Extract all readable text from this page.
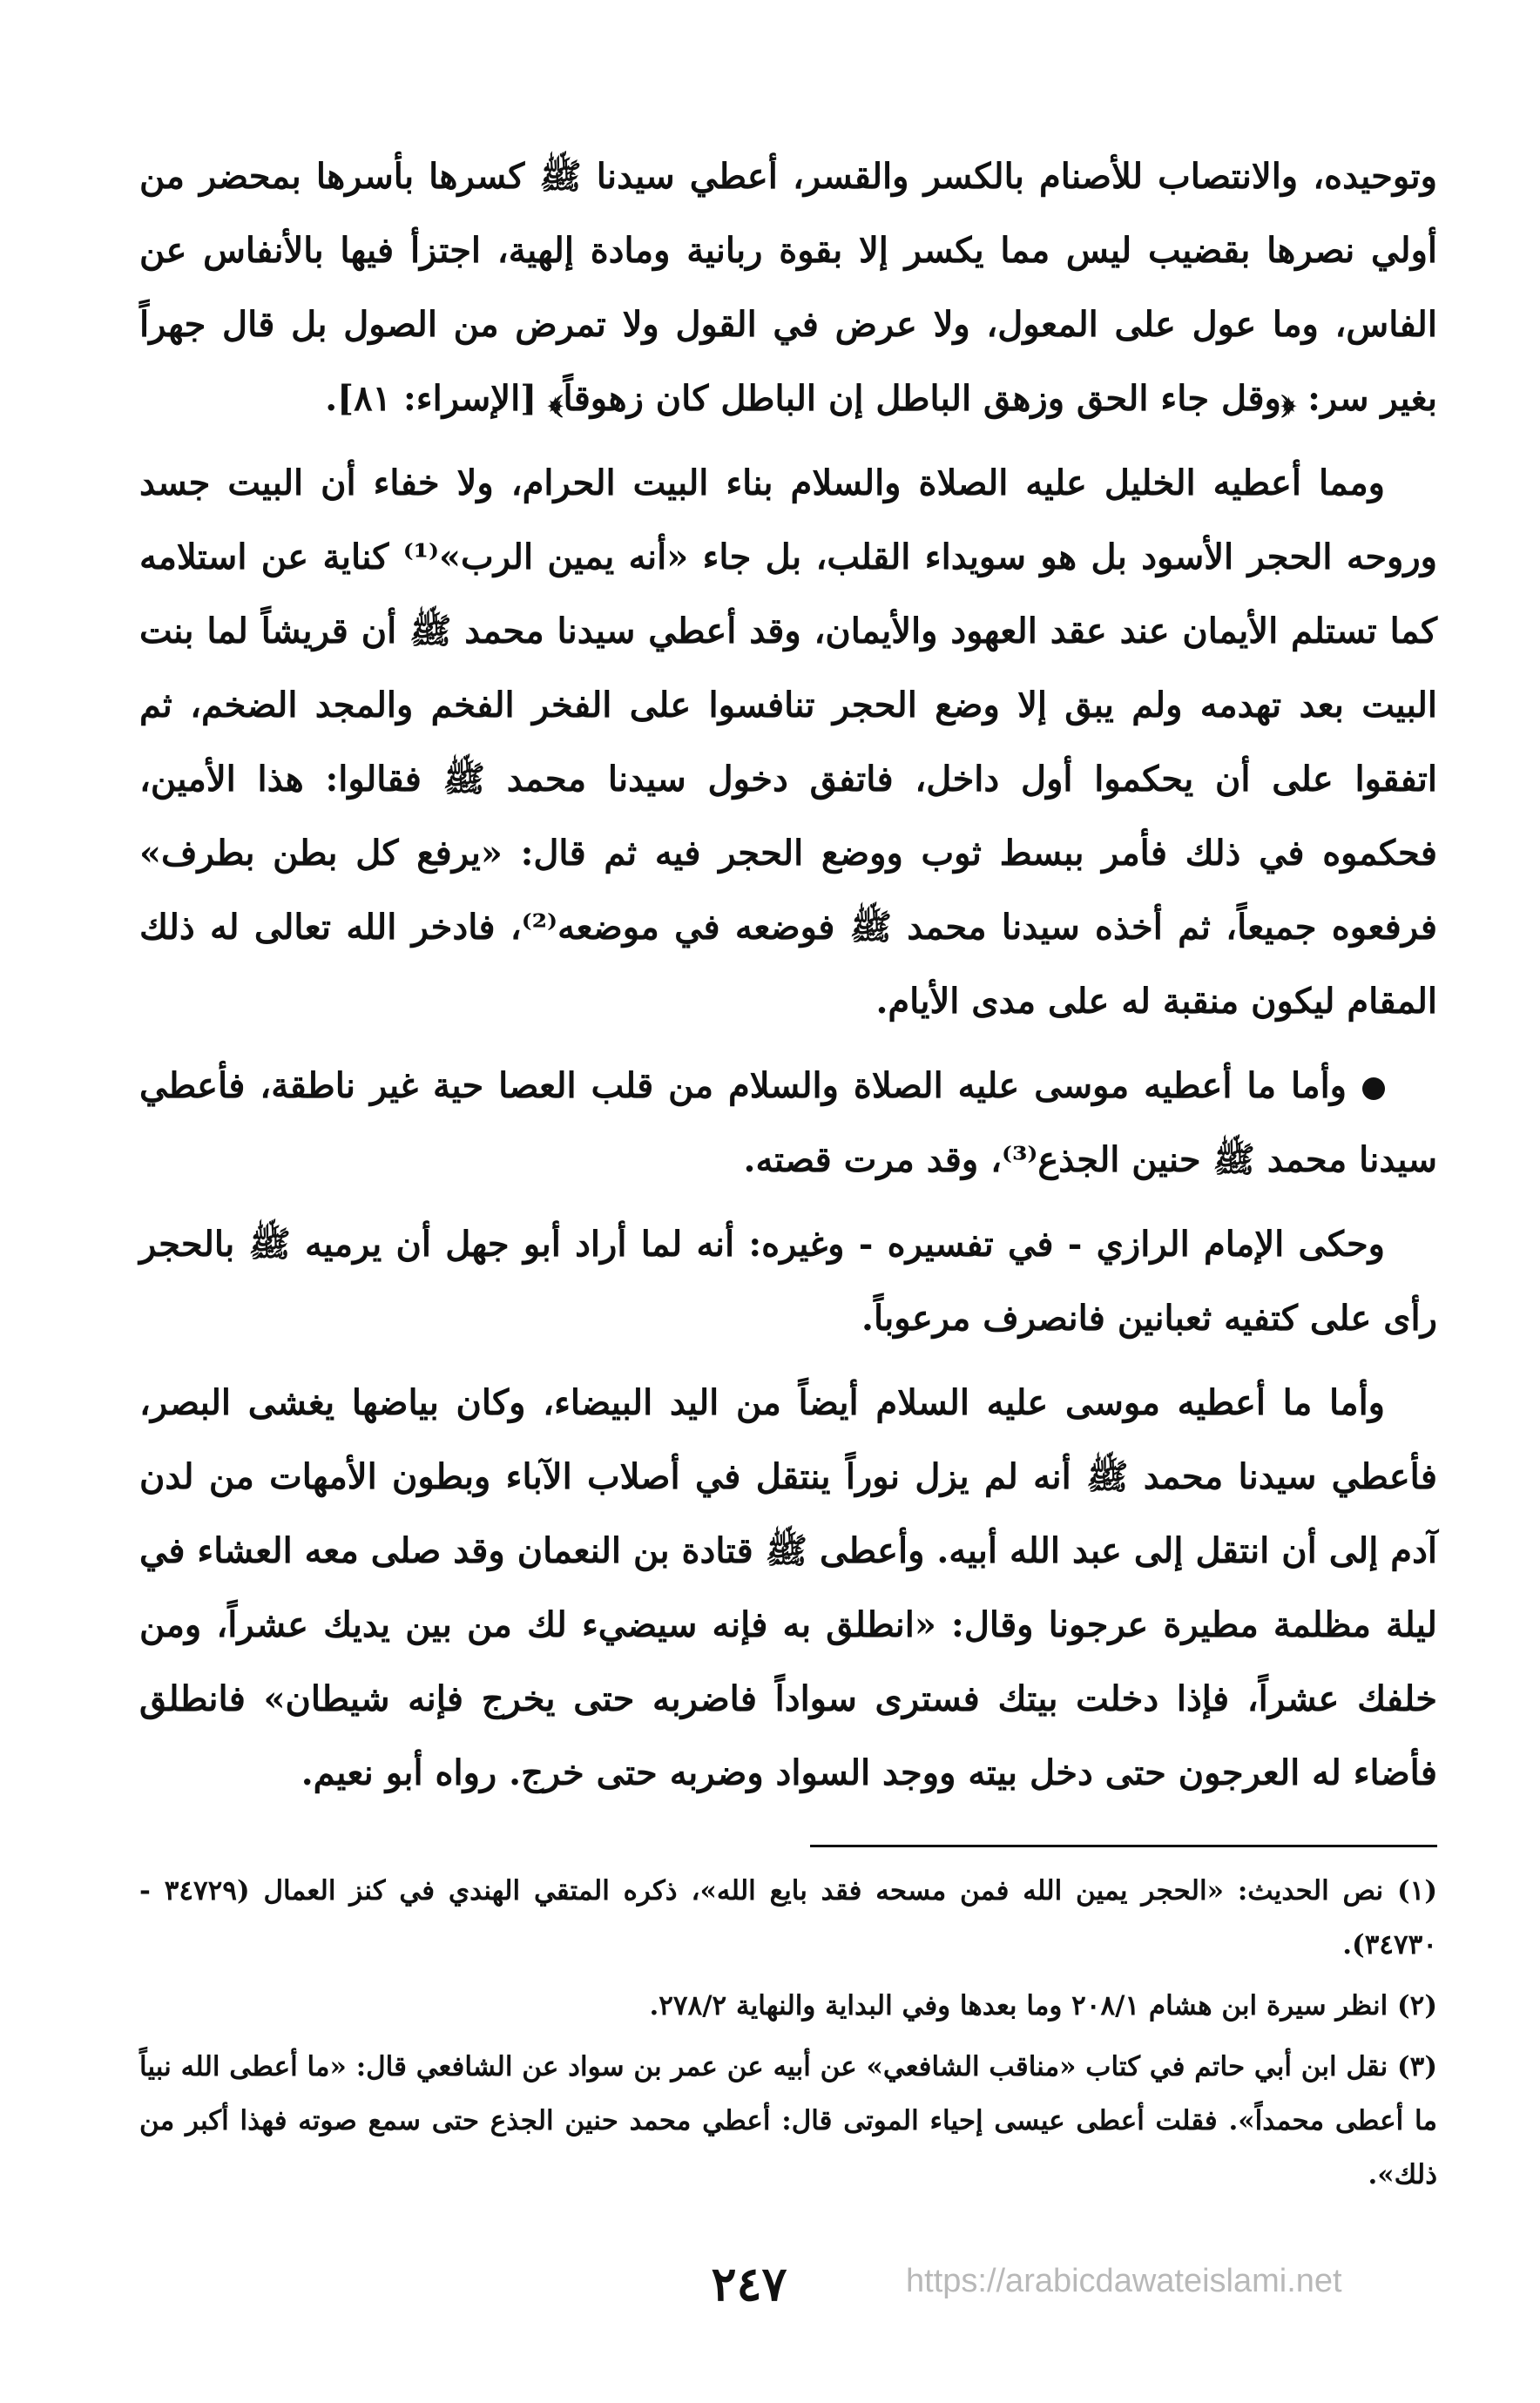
وتوحيده، والانتصاب للأصنام بالكسر والقسر، أعطي سيدنا ﷺ كسرها بأسرها بمحضر من أولي نصرها بقضيب ليس مما يكسر إلا بقوة ربانية ومادة إلهية، اجتزأ فيها بالأنفاس عن الفاس، وما عول على المعول، ولا عرض في القول ولا تمرض من الصول بل قال جهراً بغير سر: ﴿وقل جاء الحق وزهق الباطل إن الباطل كان زهوقاً﴾ [الإسراء: ٨١].

ومما أعطيه الخليل عليه الصلاة والسلام بناء البيت الحرام، ولا خفاء أن البيت جسد وروحه الحجر الأسود بل هو سويداء القلب، بل جاء «أنه يمين الرب»⁽¹⁾ كناية عن استلامه كما تستلم الأيمان عند عقد العهود والأيمان، وقد أعطي سيدنا محمد ﷺ أن قريشاً لما بنت البيت بعد تهدمه ولم يبق إلا وضع الحجر تنافسوا على الفخر الفخم والمجد الضخم، ثم اتفقوا على أن يحكموا أول داخل، فاتفق دخول سيدنا محمد ﷺ فقالوا: هذا الأمين، فحكموه في ذلك فأمر ببسط ثوب ووضع الحجر فيه ثم قال: «يرفع كل بطن بطرف» فرفعوه جميعاً، ثم أخذه سيدنا محمد ﷺ فوضعه في موضعه⁽²⁾، فادخر الله تعالى له ذلك المقام ليكون منقبة له على مدى الأيام.

وأما ما أعطيه موسى عليه الصلاة والسلام من قلب العصا حية غير ناطقة، فأعطي سيدنا محمد ﷺ حنين الجذع⁽³⁾، وقد مرت قصته.

وحكى الإمام الرازي - في تفسيره - وغيره: أنه لما أراد أبو جهل أن يرميه ﷺ بالحجر رأى على كتفيه ثعبانين فانصرف مرعوباً.

وأما ما أعطيه موسى عليه السلام أيضاً من اليد البيضاء، وكان بياضها يغشى البصر، فأعطي سيدنا محمد ﷺ أنه لم يزل نوراً ينتقل في أصلاب الآباء وبطون الأمهات من لدن آدم إلى أن انتقل إلى عبد الله أبيه. وأعطى ﷺ قتادة بن النعمان وقد صلى معه العشاء في ليلة مظلمة مطيرة عرجونا وقال: «انطلق به فإنه سيضيء لك من بين يديك عشراً، ومن خلفك عشراً، فإذا دخلت بيتك فسترى سواداً فاضربه حتى يخرج فإنه شيطان» فانطلق فأضاء له العرجون حتى دخل بيته ووجد السواد وضربه حتى خرج. رواه أبو نعيم.

(١) نص الحديث: «الحجر يمين الله فمن مسحه فقد بايع الله»، ذكره المتقي الهندي في كنز العمال (٣٤٧٢٩ - ٣٤٧٣٠).

(٢) انظر سيرة ابن هشام ٢٠٨/١ وما بعدها وفي البداية والنهاية ٢٧٨/٢.

(٣) نقل ابن أبي حاتم في كتاب «مناقب الشافعي» عن أبيه عن عمر بن سواد عن الشافعي قال: «ما أعطى الله نبياً ما أعطى محمداً». فقلت أعطى عيسى إحياء الموتى قال: أعطي محمد حنين الجذع حتى سمع صوته فهذا أكبر من ذلك».

٢٤٧	https://arabicdawateislami.net
